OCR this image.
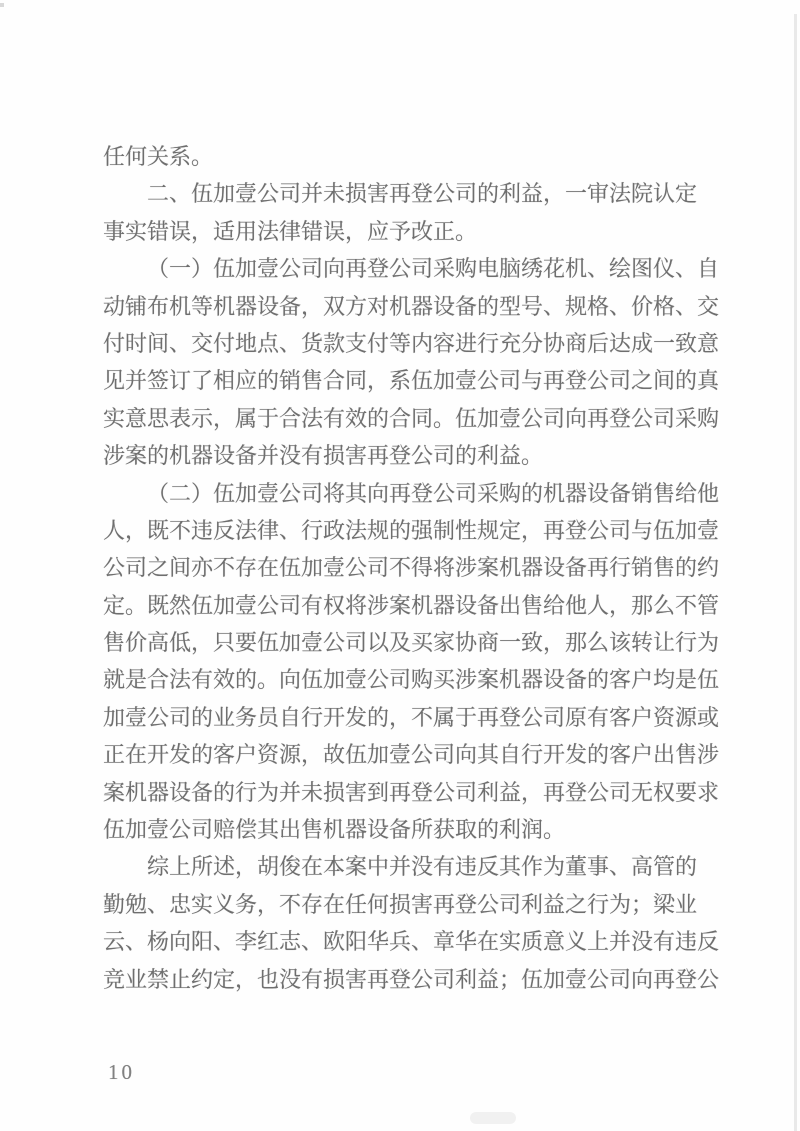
任何关系。
二、伍加壹公司并未损害再登公司的利益，一审法院认定
事实错误，适用法律错误，应予改正。
（一）伍加壹公司向再登公司采购电脑绣花机、绘图仪、自
动铺布机等机器设备，双方对机器设备的型号、规格、价格、交
付时间、交付地点、货款支付等内容进行充分协商后达成一致意
见并签订了相应的销售合同，系伍加壹公司与再登公司之间的真
实意思表示，属于合法有效的合同。伍加壹公司向再登公司采购
涉案的机器设备并没有损害再登公司的利益。
（二）伍加壹公司将其向再登公司采购的机器设备销售给他
人，既不违反法律、行政法规的强制性规定，再登公司与伍加壹
公司之间亦不存在伍加壹公司不得将涉案机器设备再行销售的约
定。既然伍加壹公司有权将涉案机器设备出售给他人，那么不管
售价高低，只要伍加壹公司以及买家协商一致，那么该转让行为
就是合法有效的。向伍加壹公司购买涉案机器设备的客户均是伍
加壹公司的业务员自行开发的，不属于再登公司原有客户资源或
正在开发的客户资源，故伍加壹公司向其自行开发的客户出售涉
案机器设备的行为并未损害到再登公司利益，再登公司无权要求
伍加壹公司赔偿其出售机器设备所获取的利润。
综上所述，胡俊在本案中并没有违反其作为董事、高管的
勤勉、忠实义务，不存在任何损害再登公司利益之行为；梁业
云、杨向阳、李红志、欧阳华兵、章华在实质意义上并没有违反
竞业禁止约定，也没有损害再登公司利益；伍加壹公司向再登公
10
